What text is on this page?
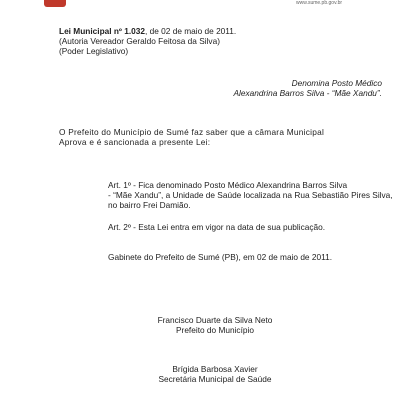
www.sume.pb.gov.br
Lei Municipal nº 1.032, de 02 de maio de 2011.
(Autoria Vereador Geraldo Feitosa da Silva)
(Poder Legislativo)
Denomina Posto Médico
Alexandrina Barros Silva - “Mãe Xandu”.
O Prefeito do Município de Sumé faz saber que a câmara Municipal
Aprova e é sancionada a presente Lei:
Art. 1º - Fica denominado Posto Médico Alexandrina Barros Silva
- “Mãe Xandu”, a Unidade de Saúde localizada na Rua Sebastião Pires Silva,
no bairro Frei Damião.
Art. 2º - Esta Lei entra em vigor na data de sua publicação.
Gabinete do Prefeito de Sumé (PB), em 02 de maio de 2011.
Francisco Duarte da Silva Neto
Prefeito do Município
Brígida Barbosa Xavier
Secretária Municipal de Saúde
